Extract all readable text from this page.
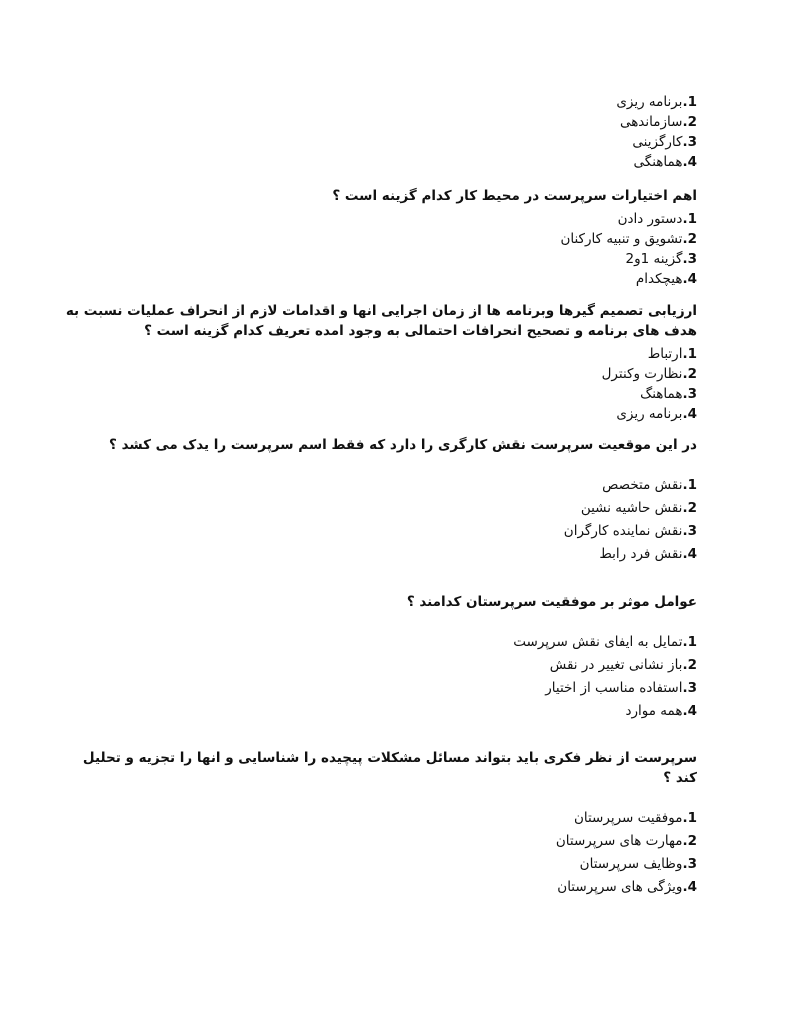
1.برنامه ریزی
2.سازماندهی
3.کارگزینی
4.هماهنگی

اهم اختیارات سرپرست در محیط کار کدام گزینه است ؟

1.دستور دادن
2.تشویق و تنبیه کارکنان
3.گزینه 1و2
4.هیچکدام

ارزیابی تصمیم گیرها وبرنامه ها از زمان اجرایی انها و اقدامات لازم از انحراف عملیات نسبت به هدف های برنامه و تصحیح انحرافات احتمالی به وجود امده تعریف کدام گزینه است ؟

1.ارتباط
2.نظارت وکنترل
3.هماهنگ
4.برنامه ریزی

در این موقعیت سرپرست نقش کارگری را دارد که فقط اسم سرپرست را یدک می کشد ؟

1.نقش متخصص
2.نقش حاشیه نشین
3.نقش نماینده کارگران
4.نقش فرد رابط

عوامل موثر بر موفقیت سرپرستان کدامند ؟

1.تمایل به ایفای نقش سرپرست
2.باز نشانی تغییر در نقش
3.استفاده مناسب از اختیار
4.همه موارد

سرپرست از نظر فکری باید بتواند مسائل مشکلات پیچیده را شناسایی و انها را تجزیه و تحلیل کند ؟

1.موفقیت سرپرستان
2.مهارت های سرپرستان
3.وظایف سرپرستان
4.ویژگی های سرپرستان
